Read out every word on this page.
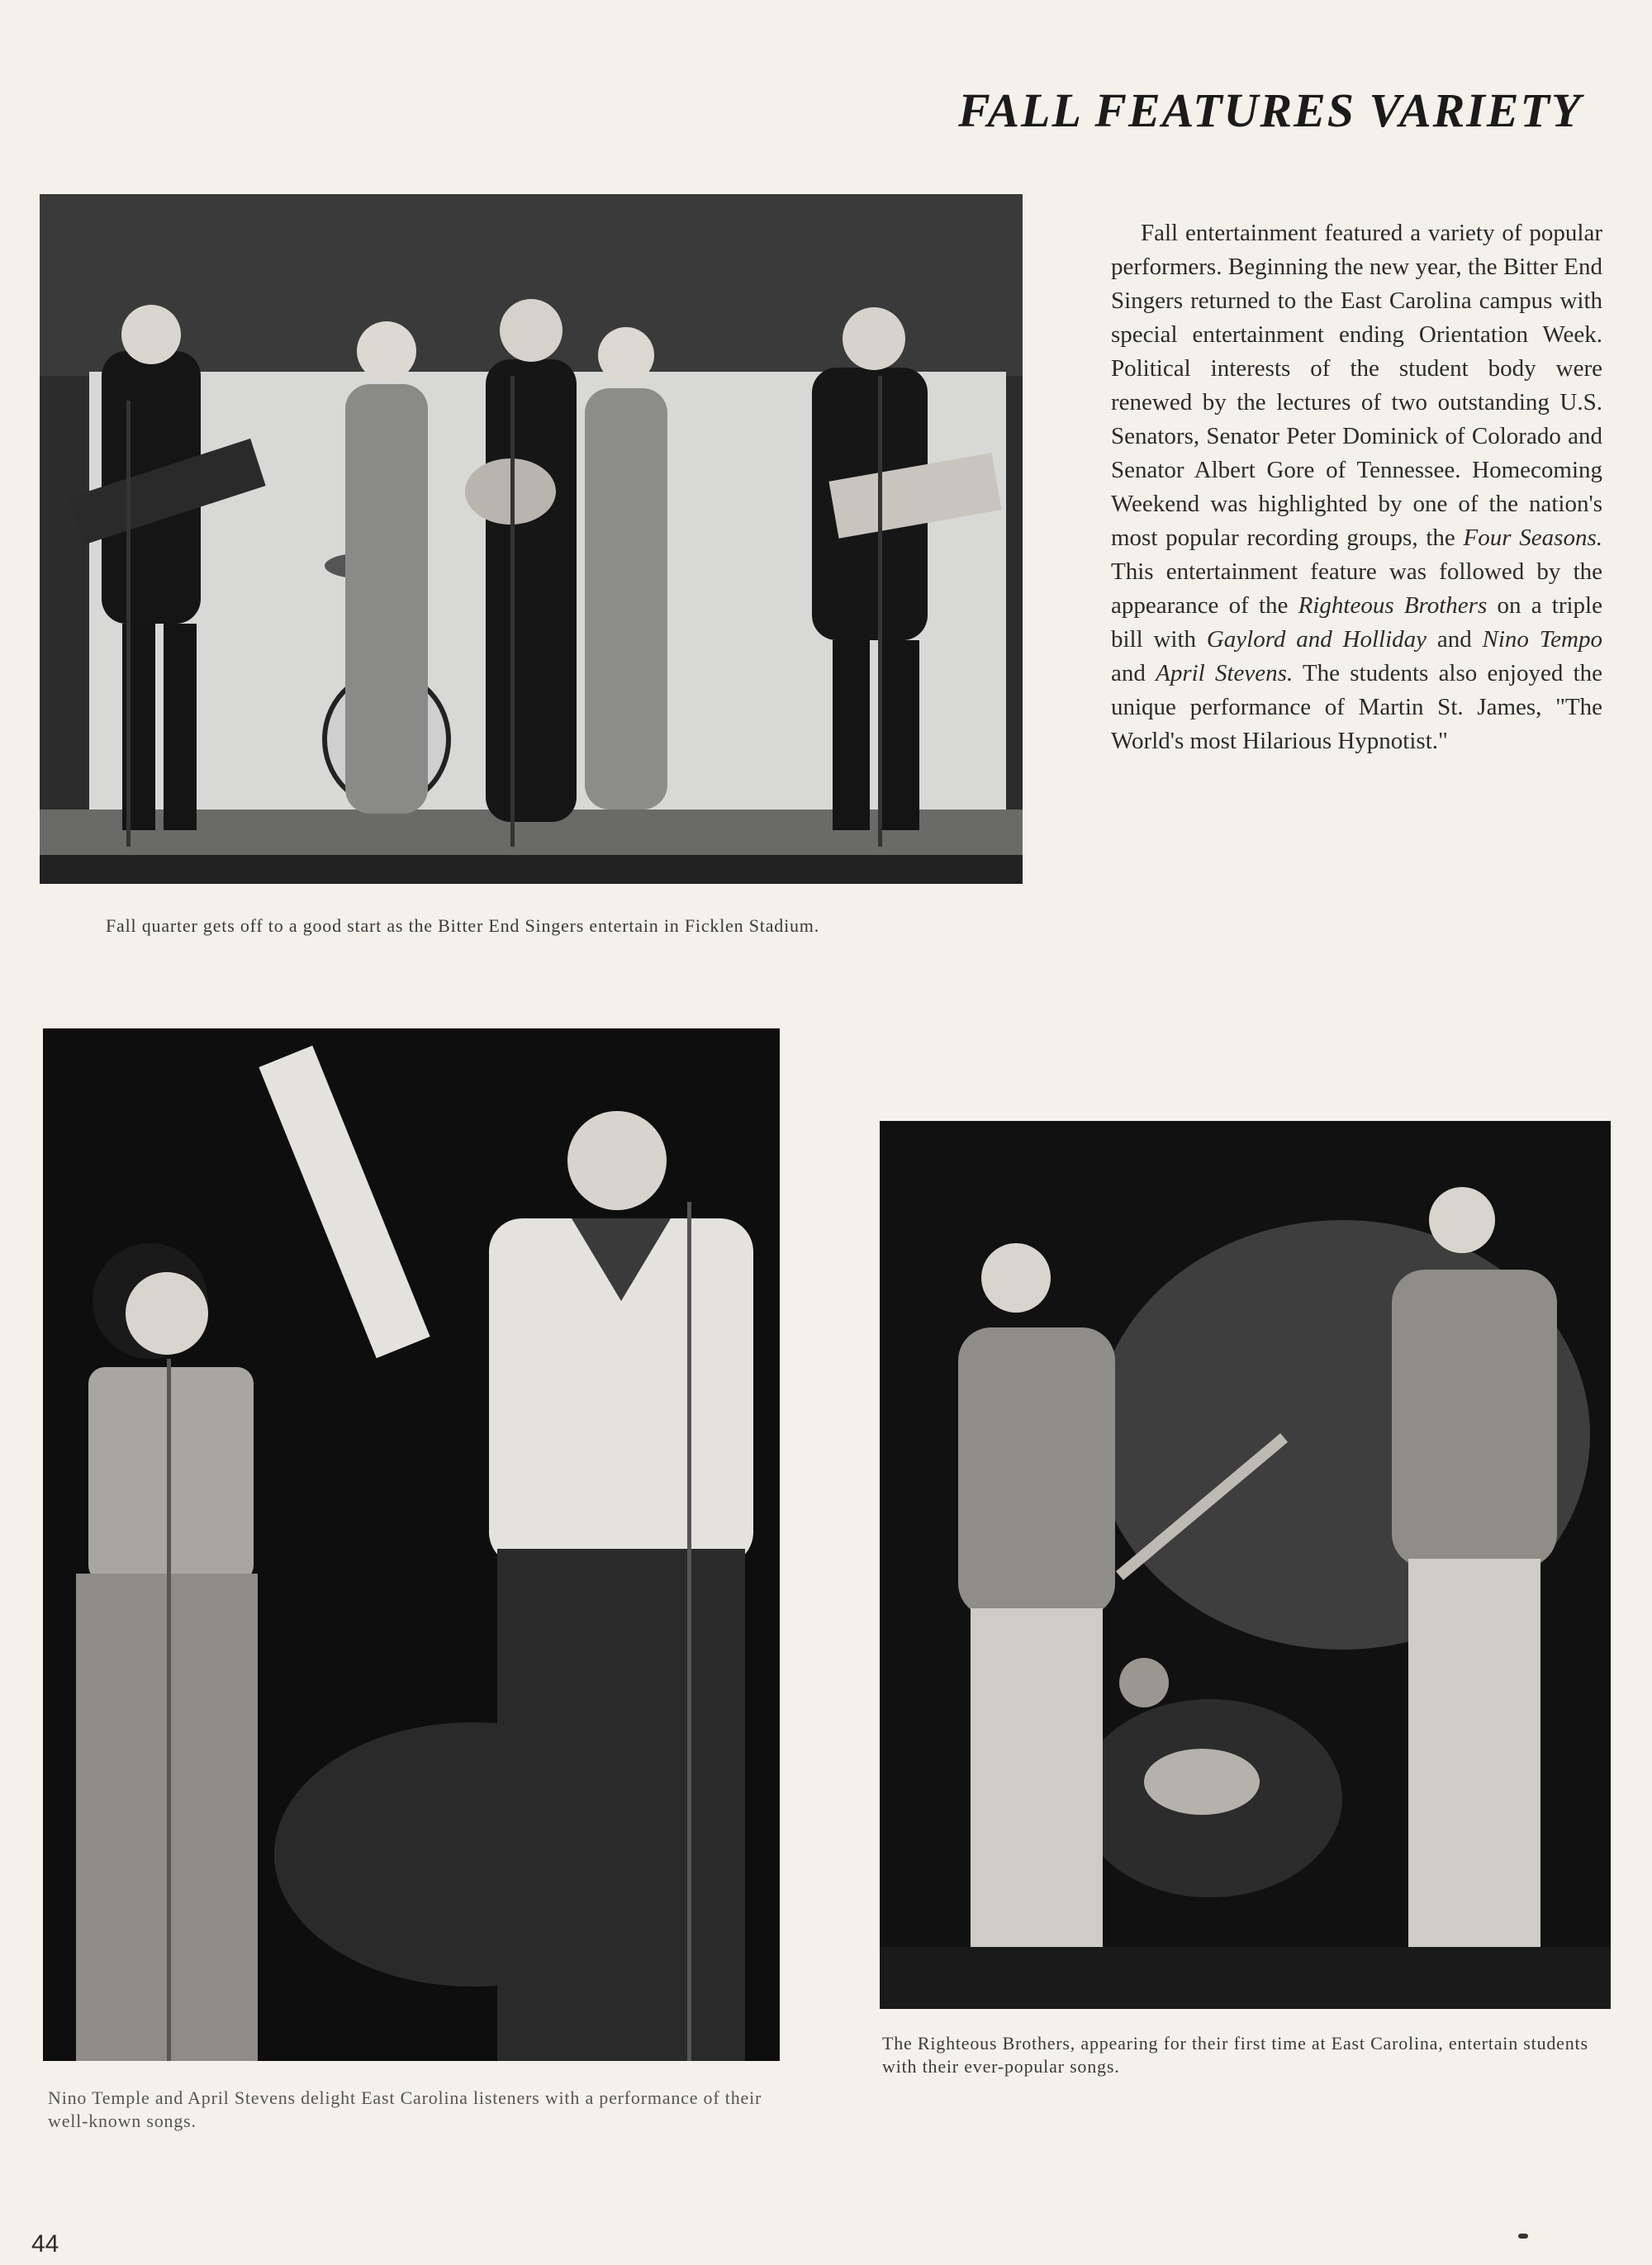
FALL FEATURES VARIETY
Fall quarter gets off to a good start as the Bitter End Singers entertain in Ficklen Stadium.

Fall entertainment featured a variety of popular performers. Beginning the new year, the Bitter End Singers returned to the East Carolina campus with special entertainment ending Orientation Week. Political interests of the student body were renewed by the lectures of two outstanding U.S. Senators, Senator Peter Dominick of Colorado and Senator Albert Gore of Tennessee. Homecoming Weekend was highlighted by one of the nation's most popular recording groups, the Four Seasons. This entertainment feature was followed by the appearance of the Righteous Brothers on a triple bill with Gaylord and Holliday and Nino Tempo and April Stevens. The students also enjoyed the unique performance of Martin St. James, "The World's most Hilarious Hypnotist."

Nino Temple and April Stevens delight East Carolina listeners with a performance of their well-known songs.
The Righteous Brothers, appearing for their first time at East Carolina, entertain students with their ever-popular songs.
44
